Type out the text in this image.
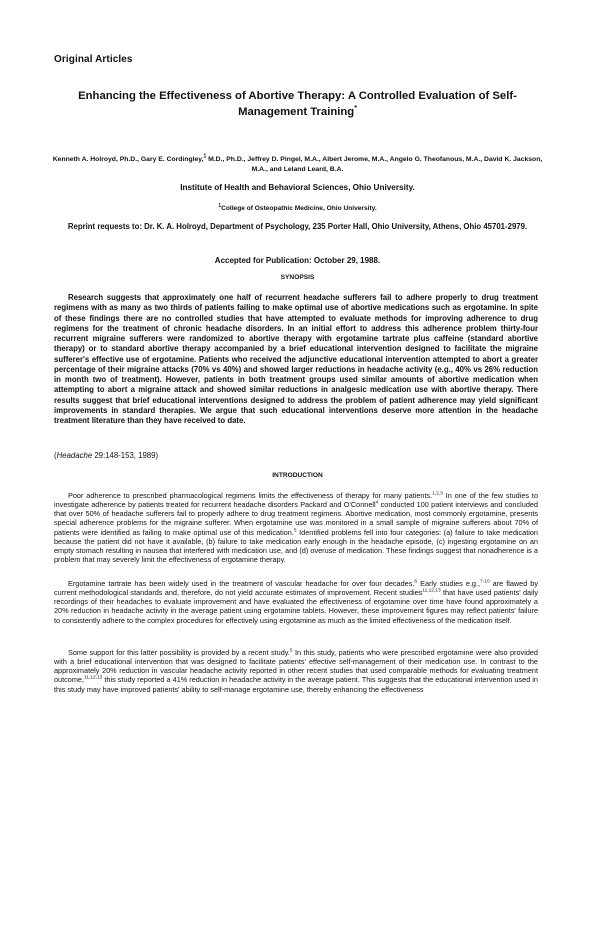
Original Articles
Enhancing the Effectiveness of Abortive Therapy: A Controlled Evaluation of Self-Management Training*
Kenneth A. Holroyd, Ph.D., Gary E. Cordingley,$^1$ M.D., Ph.D., Jeffrey D. Pingel, M.A., Albert Jerome, M.A., Angelo G. Theofanous, M.A., David K. Jackson, M.A., and Leland Leard, B.A.
Institute of Health and Behavioral Sciences, Ohio University.
$^1$College of Osteopathic Medicine, Ohio University.
Reprint requests to: Dr. K. A. Holroyd, Department of Psychology, 235 Porter Hall, Ohio University, Athens, Ohio 45701-2979.
Accepted for Publication: October 29, 1988.
SYNOPSIS

Research suggests that approximately one half of recurrent headache sufferers fail to adhere properly to drug treatment regimens with as many as two thirds of patients failing to make optimal use of abortive medications such as ergotamine. In spite of these findings there are no controlled studies that have attempted to evaluate methods for improving adherence to drug regimens for the treatment of chronic headache disorders. In an initial effort to address this adherence problem thirty-four recurrent migraine sufferers were randomized to abortive therapy with ergotamine tartrate plus caffeine (standard abortive therapy) or to standard abortive therapy accompanied by a brief educational intervention designed to facilitate the migraine sufferer's effective use of ergotamine. Patients who received the adjunctive educational intervention attempted to abort a greater percentage of their migraine attacks (70% vs 40%) and showed larger reductions in headache activity (e.g., 40% vs 26% reduction in month two of treatment). However, patients in both treatment groups used similar amounts of abortive medication when attempting to abort a migraine attack and showed similar reductions in analgesic medication use with abortive therapy. There results suggest that brief educational interventions designed to address the problem of patient adherence may yield significant improvements in standard therapies. We argue that such educational interventions deserve more attention in the headache treatment literature than they have received to date.

(Headache 29:148-153, 1989)
INTRODUCTION

Poor adherence to prescribed pharmacological regimens limits the effectiveness of therapy for many patients.$^{1,2,3}$ In one of the few studies to investigate adherence by patients treated for recurrent headache disorders Packard and O'Connell$^4$ conducted 100 patient interviews and concluded that over 50% of headache sufferers fail to properly adhere to drug treatment regimens. Abortive medication, most commonly ergotamine, presents special adherence problems for the migraine sufferer. When ergotamine use was monitored in a small sample of migraine sufferers about 70% of patients were identified as failing to make optimal use of this medication.$^5$ Identified problems fell into four categories: (a) failure to take medication because the patient did not have it available, (b) failure to take medication early enough in the headache episode, (c) ingesting ergotamine on an empty stomach resulting in nausea that interfered with medication use, and (d) overuse of medication. These findings suggest that nonadherence is a problem that may severely limit the effectiveness of ergotamine therapy.

Ergotamine tartrate has been widely used in the treatment of vascular headache for over four decades.$^6$ Early studies e.g.,$^{7-10}$ are flawed by current methodological standards and, therefore, do not yield accurate estimates of improvement. Recent studies$^{11,12,13}$ that have used patients' daily recordings of their headaches to evaluate improvement and have evaluated the effectiveness of ergotamine over time have found approximately a 20% reduction in headache activity in the average patient using ergotamine tablets. However, these improvement figures may reflect patients' failure to consistently adhere to the complex procedures for effectively using ergotamine as much as the limited effectiveness of the medication itself.

Some support for this latter possibility is provided by a recent study.$^5$ In this study, patients who were prescribed ergotamine were also provided with a brief educational intervention that was designed to facilitate patients' effective self-management of their medication use. In contrast to the approximately 20% reduction in vascular headache activity reported in other recent studies that used comparable methods for evaluating treatment outcome,$^{11,12,13}$ this study reported a 41% reduction in headache activity in the average patient. This suggests that the educational intervention used in this study may have improved patients' ability to self-manage ergotamine use, thereby enhancing the effectiveness
